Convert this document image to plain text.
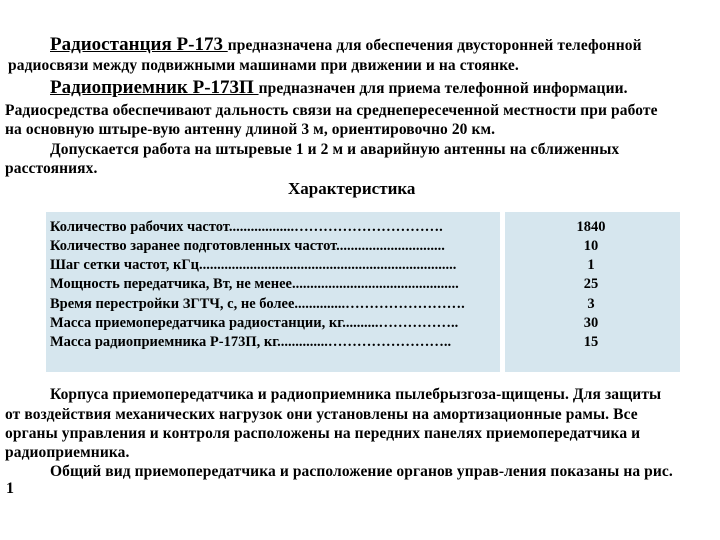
Радиостанция Р-173 предназначена для обеспечения двусторонней телефонной
радиосвязи между подвижными машинами при движении и на стоянке.
Радиоприемник Р-173П предназначен для приема телефонной информации.
Радиосредства обеспечивают дальность связи на среднепересеченной местности при работе
на основную штыре-вую антенну длиной 3 м, ориентировочно 20 км.
Допускается работа на штыревые 1 и 2 м и аварийную антенны на сближенных
расстояниях.
Характеристика
Количество рабочих частот..................………………………….
Количество заранее подготовленных частот..............................
Шаг сетки частот, кГц.......................................................................
Мощность передатчика, Вт, не менее..............................................
Время перестройки ЗГТЧ, с, не более..............…………………….
Масса приемопередатчика радиостанции, кг..........……………..
Масса радиоприемника Р-173П, кг..............……………………..
1840
10
1
25
3
30
15
Корпуса приемопередатчика и радиоприемника пылебрызгоза-щищены. Для защиты
от воздействия механических нагрузок они установлены на амортизационные рамы. Все
органы управления и контроля расположены на передних панелях приемопередатчика и
радиоприемника.
Общий вид приемопередатчика и расположение органов управ-ления показаны на рис.
1
